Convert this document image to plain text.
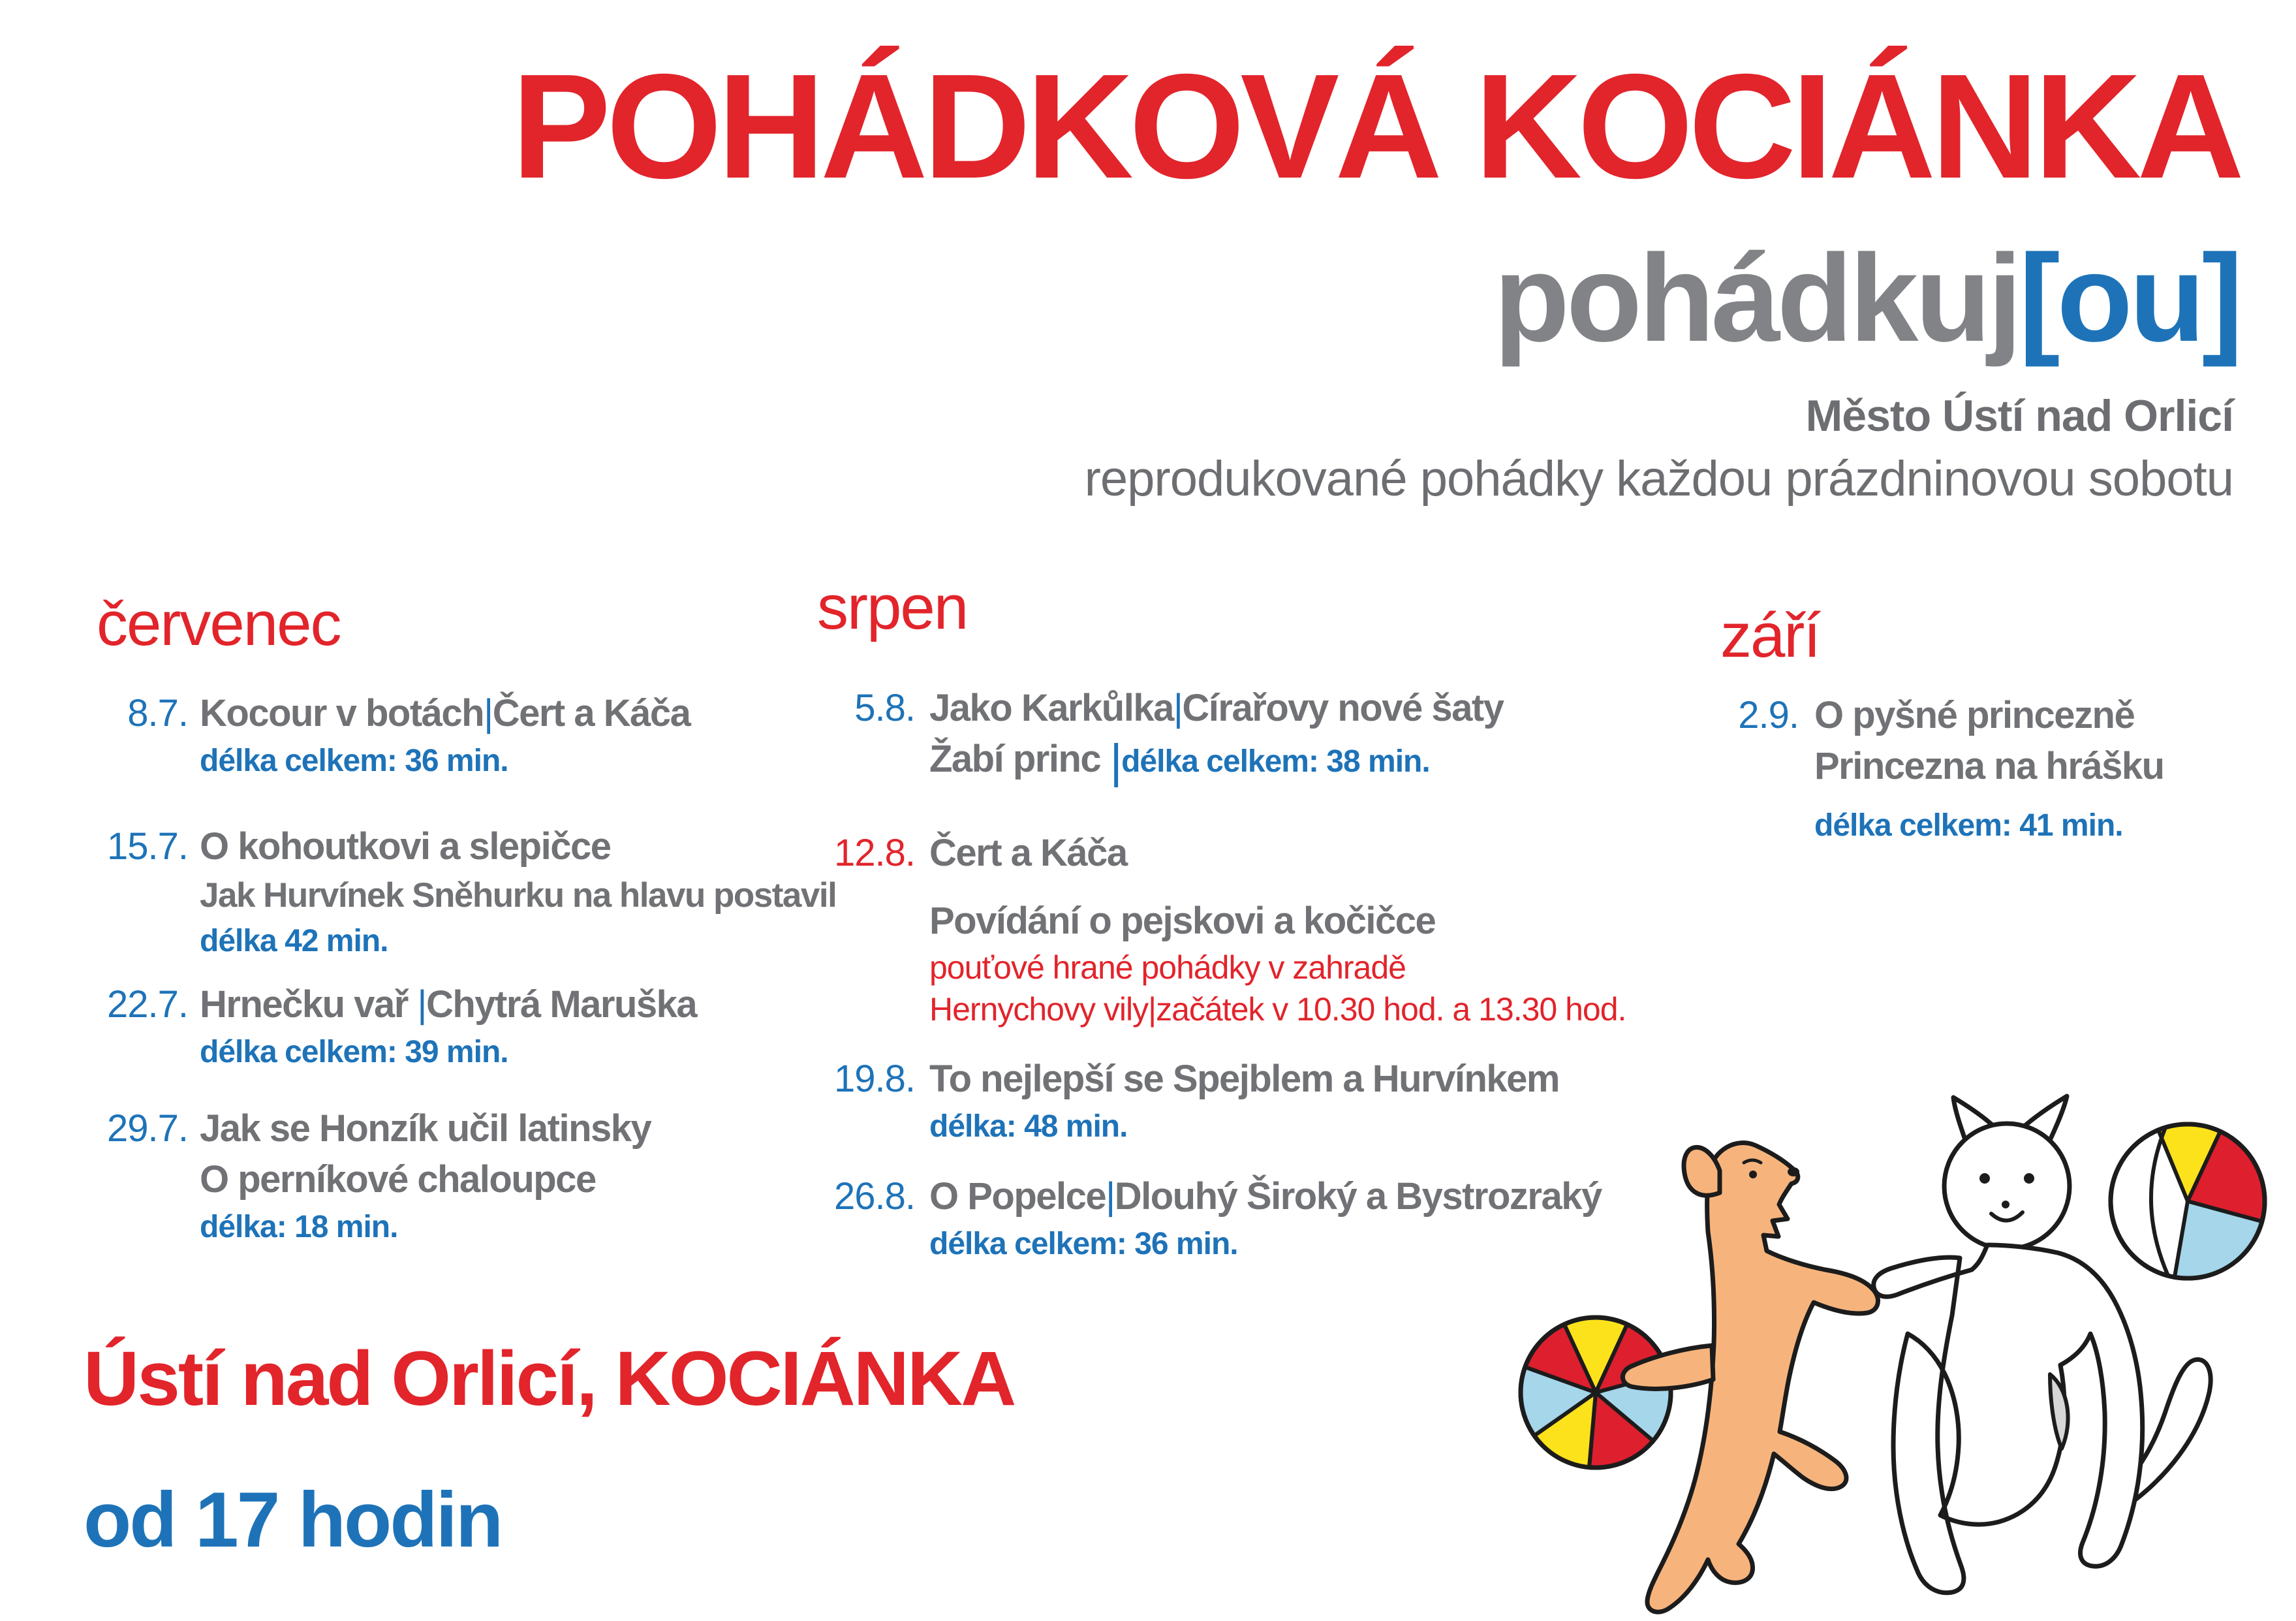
POHÁDKOVÁ KOCIÁNKA
pohádkuj[ou]
Město Ústí nad Orlicí
reprodukované pohádky každou prázdninovou sobotu
červenec
8.7. Kocour v botách|Čert a Káča
délka celkem: 36 min.
15.7. O kohoutkovi a slepičce
Jak Hurvínek Sněhurku na hlavu postavil
délka 42 min.
22.7. Hrnečku vař |Chytrá Maruška
délka celkem: 39 min.
29.7. Jak se Honzík učil latinsky
O perníkové chaloupce
délka: 18 min.
srpen
5.8. Jako Karkůlka|Círařovy nové šaty
Žabí princ |délka celkem: 38 min.
12.8. Čert a Káča
Povídání o pejskovi a kočičce
pouťové hrané pohádky v zahradě
Hernychovy vily|začátek v 10.30 hod. a 13.30 hod.
19.8. To nejlepší se Spejblem a Hurvínkem
délka: 48 min.
26.8. O Popelce|Dlouhý Široký a Bystrozraký
délka celkem: 36 min.
září
2.9. O pyšné princezně
Princezna na hrášku
délka celkem: 41 min.
Ústí nad Orlicí, KOCIÁNKA
od 17 hodin
